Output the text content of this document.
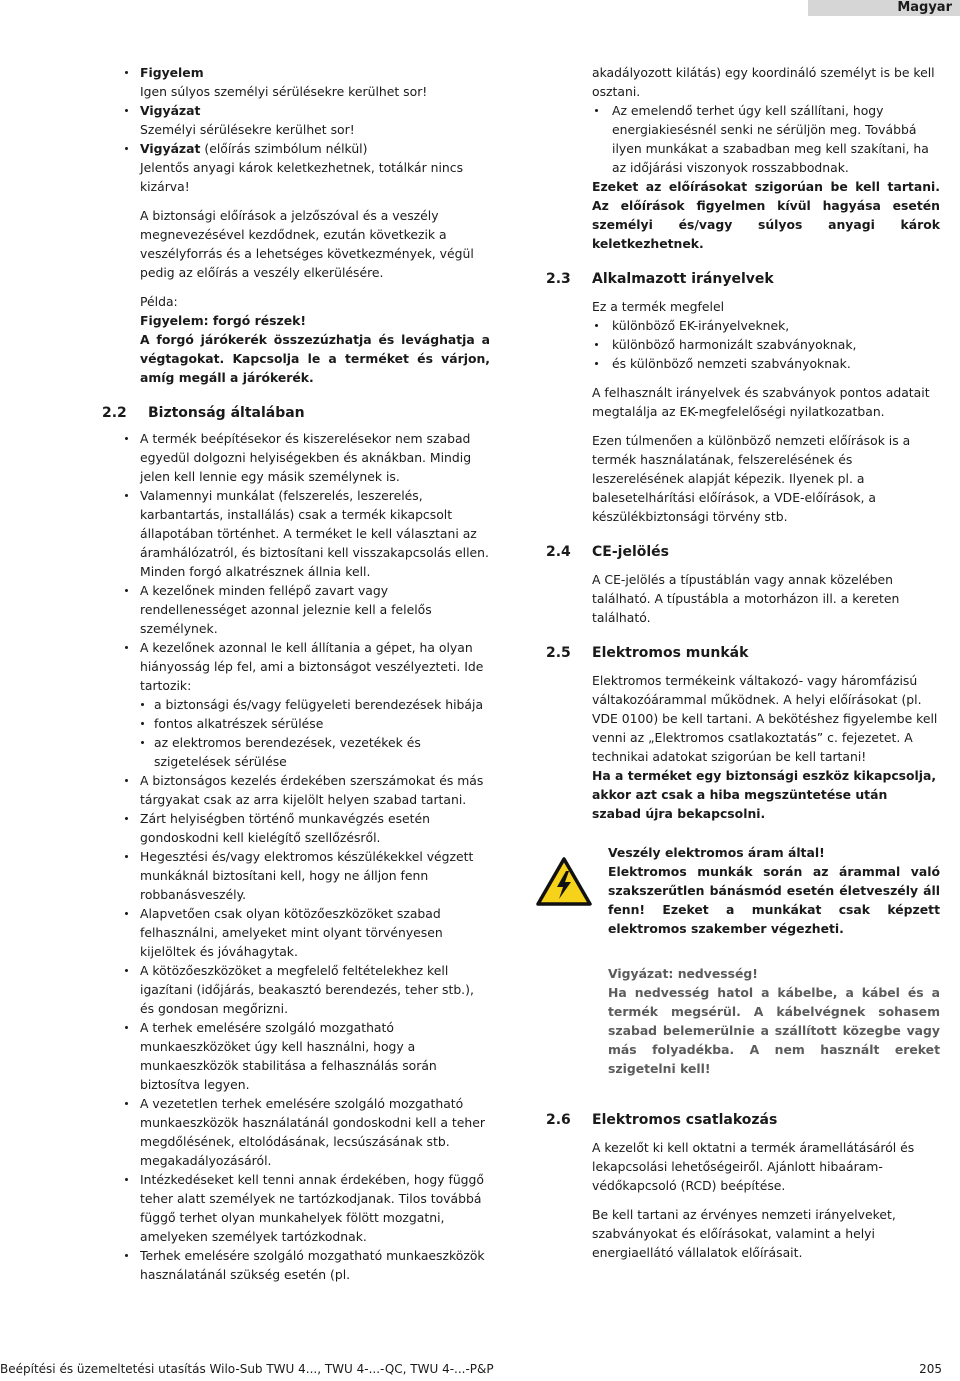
Magyar
Figyelem
Igen súlyos személyi sérülésekre kerülhet sor!
Vigyázat
Személyi sérülésekre kerülhet sor!
Vigyázat (előírás szimbólum nélkül)
Jelentős anyagi károk keletkezhetnek, totálkár nincs kizárva!

A biztonsági előírások a jelzőszóval és a veszély megnevezésével kezdődnek, ezután következik a veszélyforrás és a lehetséges következmények, végül pedig az előírás a veszély elkerülésére.

Példa:

Figyelem: forgó részek!

A forgó járókerék összezúzhatja és levághatja a végtagokat. Kapcsolja le a terméket és várjon, amíg megáll a járókerék.

2.2	Biztonság általában
A termék beépítésekor és kiszerelésekor nem szabad egyedül dolgozni helyiségekben és aknákban. Mindig jelen kell lennie egy másik személynek is.
Valamennyi munkálat (felszerelés, leszerelés, karbantartás, installálás) csak a termék kikapcsolt állapotában történhet. A terméket le kell választani az áramhálózatról, és biztosítani kell visszakapcsolás ellen. Minden forgó alkatrésznek állnia kell.
A kezelőnek minden fellépő zavart vagy rendellenességet azonnal jeleznie kell a felelős személynek.
A kezelőnek azonnal le kell állítania a gépet, ha olyan hiányosság lép fel, ami a biztonságot veszélyezteti. Ide tartozik:
a biztonsági és/vagy felügyeleti berendezések hibája
fontos alkatrészek sérülése
az elektromos berendezések, vezetékek és szigetelések sérülése
A biztonságos kezelés érdekében szerszámokat és más tárgyakat csak az arra kijelölt helyen szabad tartani.
Zárt helyiségben történő munkavégzés esetén gondoskodni kell kielégítő szellőzésről.
Hegesztési és/vagy elektromos készülékekkel végzett munkáknál biztosítani kell, hogy ne álljon fenn robbanásveszély.
Alapvetően csak olyan kötözőeszközöket szabad felhasználni, amelyeket mint olyant törvényesen kijelöltek és jóváhagytak.
A kötözőeszközöket a megfelelő feltételekhez kell igazítani (időjárás, beakasztó berendezés, teher stb.), és gondosan megőrizni.
A terhek emelésére szolgáló mozgatható munkaeszközöket úgy kell használni, hogy a munkaeszközök stabilitása a felhasználás során biztosítva legyen.
A vezetetlen terhek emelésére szolgáló mozgatható munkaeszközök használatánál gondoskodni kell a teher megdőlésének, eltolódásának, lecsúszásának stb. megakadályozásáról.
Intézkedéseket kell tenni annak érdekében, hogy függő teher alatt személyek ne tartózkodjanak. Tilos továbbá függő terhet olyan munkahelyek fölött mozgatni, amelyeken személyek tartózkodnak.
Terhek emelésére szolgáló mozgatható munkaeszközök használatánál szükség esetén (pl.

akadályozott kilátás) egy koordináló személyt is be kell osztani.

Az emelendő terhet úgy kell szállítani, hogy energiakiesésnél senki ne sérüljön meg. Továbbá ilyen munkákat a szabadban meg kell szakítani, ha az időjárási viszonyok rosszabbodnak.

Ezeket az előírásokat szigorúan be kell tartani. Az előírások figyelmen kívül hagyása esetén személyi és/vagy súlyos anyagi károk keletkezhetnek.

2.3	Alkalmazott irányelvek

Ez a termék megfelel

különböző EK-irányelveknek,
különböző harmonizált szabványoknak,
és különböző nemzeti szabványoknak.

A felhasznált irányelvek és szabványok pontos adatait megtalálja az EK-megfelelőségi nyilatkozatban.

Ezen túlmenően a különböző nemzeti előírások is a termék használatának, felszerelésének és leszerelésének alapját képezik. Ilyenek pl. a balesetelhárítási előírások, a VDE-előírások, a készülékbiztonsági törvény stb.

2.4	CE-jelölés

A CE-jelölés a típustáblán vagy annak közelében található. A típustábla a motorházon ill. a kereten található.

2.5	Elektromos munkák

Elektromos termékeink váltakozó- vagy háromfázisú váltakozóárammal működnek. A helyi előírásokat (pl. VDE 0100) be kell tartani. A bekötéshez figyelembe kell venni az „Elektromos csatlakoztatás” c. fejezetet. A technikai adatokat szigorúan be kell tartani!

Ha a terméket egy biztonsági eszköz kikapcsolja, akkor azt csak a hiba megszüntetése után szabad újra bekapcsolni.

Veszély elektromos áram által!

Elektromos munkák során az árammal való szakszerűtlen bánásmód esetén életveszély áll fenn! Ezeket a munkákat csak képzett elektromos szakember végezheti.

Vigyázat: nedvesség!

Ha nedvesség hatol a kábelbe, a kábel és a termék megsérül. A kábelvégnek sohasem szabad belemerülnie a szállított közegbe vagy más folyadékba. A nem használt ereket szigetelni kell!

2.6	Elektromos csatlakozás

A kezelőt ki kell oktatni a termék áramellátásáról és lekapcsolási lehetőségeiről. Ajánlott hibaáram-védőkapcsoló (RCD) beépítése.

Be kell tartani az érvényes nemzeti irányelveket, szabványokat és előírásokat, valamint a helyi energiaellátó vállalatok előírásait.

Beépítési és üzemeltetési utasítás Wilo-Sub TWU 4..., TWU 4-...-QC, TWU 4-...-P&P	205
